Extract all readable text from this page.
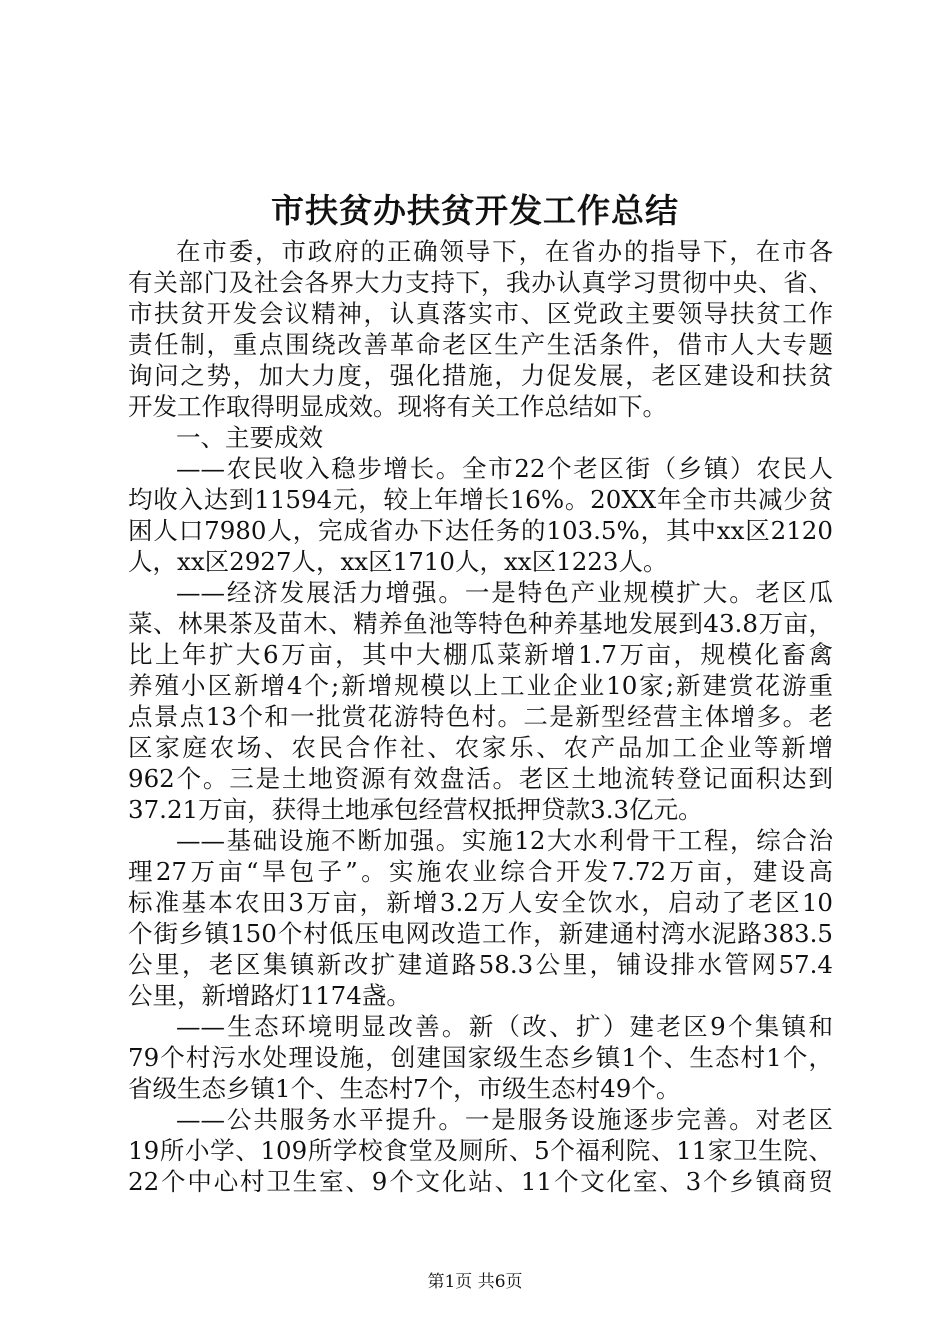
市扶贫办扶贫开发工作总结
在市委，市政府的正确领导下，在省办的指导下，在市各
有关部门及社会各界大力支持下，我办认真学习贯彻中央、省、
市扶贫开发会议精神，认真落实市、区党政主要领导扶贫工作
责任制，重点围绕改善革命老区生产生活条件，借市人大专题
询问之势，加大力度，强化措施，力促发展，老区建设和扶贫
开发工作取得明显成效。现将有关工作总结如下。
一、主要成效
——农民收入稳步增长。全市22个老区街（乡镇）农民人
均收入达到11594元，较上年增长16%。20XX年全市共减少贫
困人口7980人，完成省办下达任务的103.5%，其中xx区2120
人，xx区2927人，xx区1710人，xx区1223人。
——经济发展活力增强。一是特色产业规模扩大。老区瓜
菜、林果茶及苗木、精养鱼池等特色种养基地发展到43.8万亩，
比上年扩大6万亩，其中大棚瓜菜新增1.7万亩，规模化畜禽
养殖小区新增4个;新增规模以上工业企业10家;新建赏花游重
点景点13个和一批赏花游特色村。二是新型经营主体增多。老
区家庭农场、农民合作社、农家乐、农产品加工企业等新增
962个。三是土地资源有效盘活。老区土地流转登记面积达到
37.21万亩，获得土地承包经营权抵押贷款3.3亿元。
——基础设施不断加强。实施12大水利骨干工程，综合治
理27万亩“旱包子”。实施农业综合开发7.72万亩，建设高
标准基本农田3万亩，新增3.2万人安全饮水，启动了老区10
个街乡镇150个村低压电网改造工作，新建通村湾水泥路383.5
公里，老区集镇新改扩建道路58.3公里，铺设排水管网57.4
公里，新增路灯1174盏。
——生态环境明显改善。新（改、扩）建老区9个集镇和
79个村污水处理设施，创建国家级生态乡镇1个、生态村1个，
省级生态乡镇1个、生态村7个，市级生态村49个。
——公共服务水平提升。一是服务设施逐步完善。对老区
19所小学、109所学校食堂及厕所、5个福利院、11家卫生院、
22个中心村卫生室、9个文化站、11个文化室、3个乡镇商贸
第1页 共6页
